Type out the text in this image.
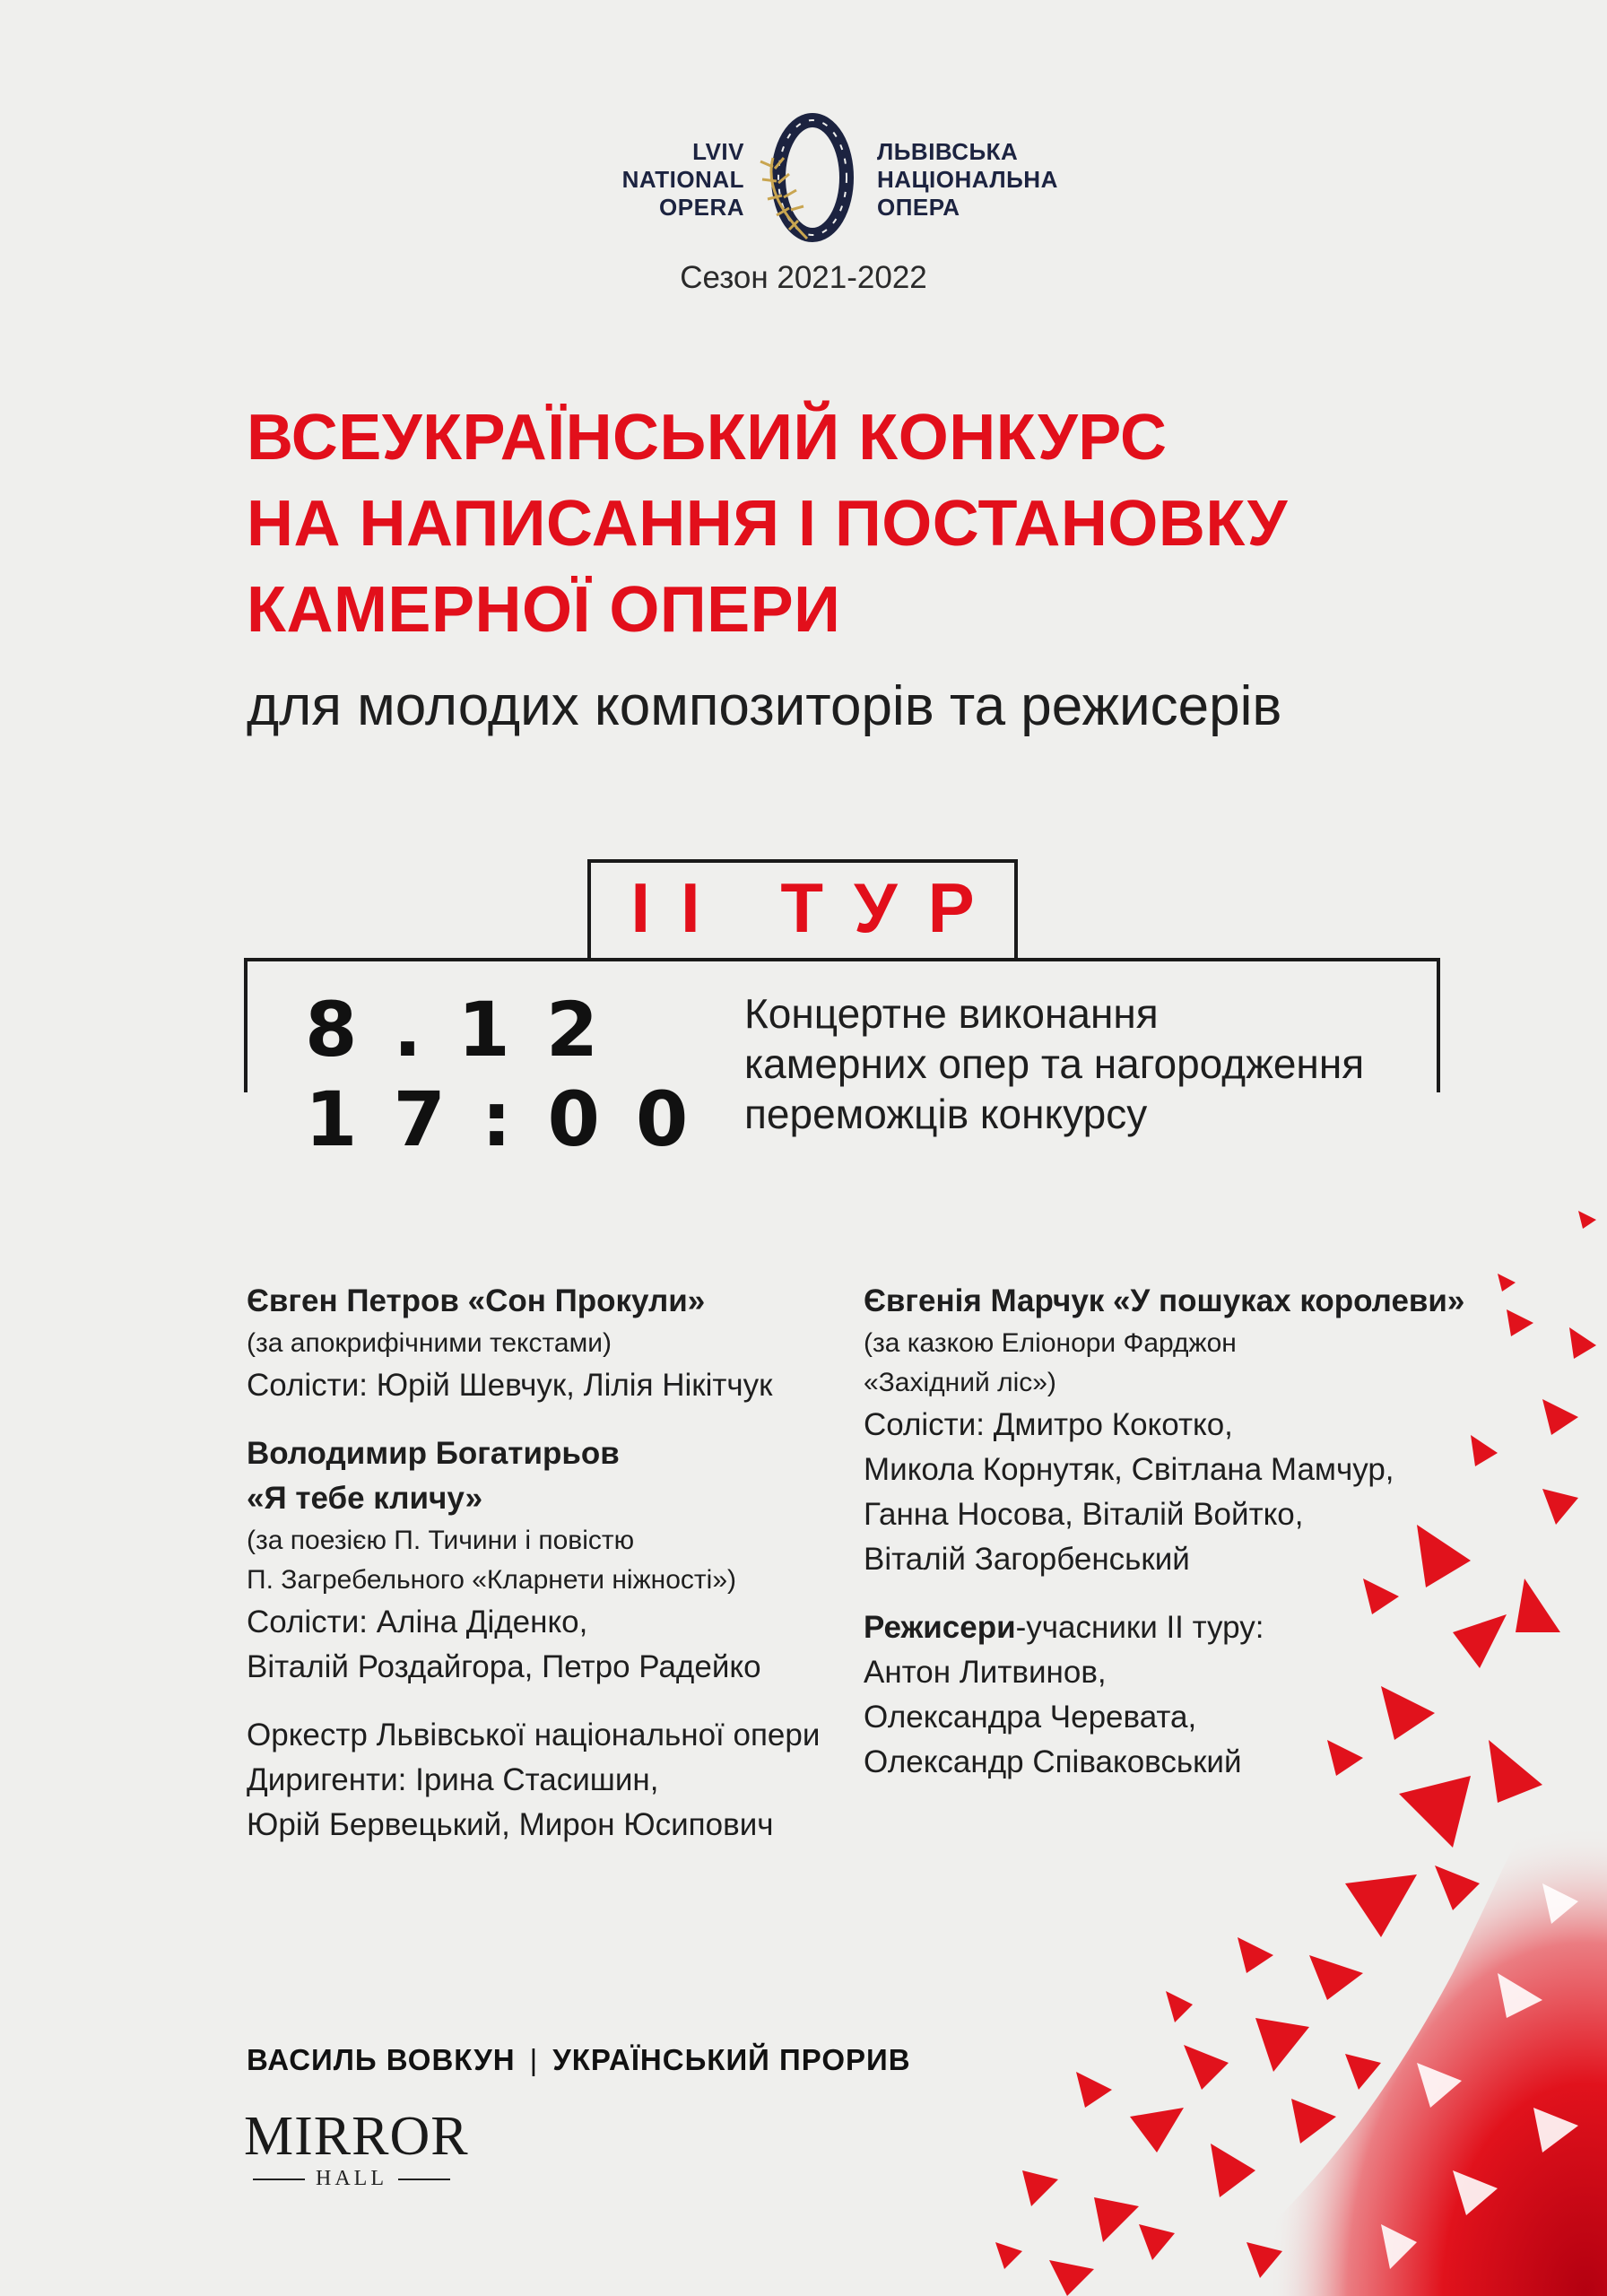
LVIV
NATIONAL
OPERA
ЛЬВІВСЬКА
НАЦІОНАЛЬНА
ОПЕРА
Сезон 2021-2022
ВСЕУКРАЇНСЬКИЙ КОНКУРС
НА НАПИСАННЯ І ПОСТАНОВКУ
КАМЕРНОЇ ОПЕРИ
для молодих композиторів та режисерів
II ТУР
8.12
17:00
Концертне виконання
камерних опер та нагородження
переможців конкурсу
Євген Петров «Сон Прокули»
(за апокрифічними текстами)
Солісти: Юрій Шевчук, Лілія Нікітчук
Володимир Богатирьов
«Я тебе кличу»
(за поезією П. Тичини і повістю
П. Загребельного «Кларнети ніжності»)
Солісти: Аліна Діденко,
Віталій Роздайгора, Петро Радейко
Оркестр Львівської національної опери
Диригенти: Ірина Стасишин,
Юрій Бервецький, Мирон Юсипович
Євгенія Марчук «У пошуках королеви»
(за казкою Еліонори Фарджон
«Західний ліс»)
Солісти: Дмитро Кокотко,
Микола Корнутяк, Світлана Мамчур,
Ганна Носова, Віталій Войтко,
Віталій Загорбенський
Режисери-учасники II туру:
Антон Литвинов,
Олександра Черевата,
Олександр Співаковський
ВАСИЛЬ ВОВКУН | УКРАЇНСЬКИЙ ПРОРИВ
MIRROR
HALL
